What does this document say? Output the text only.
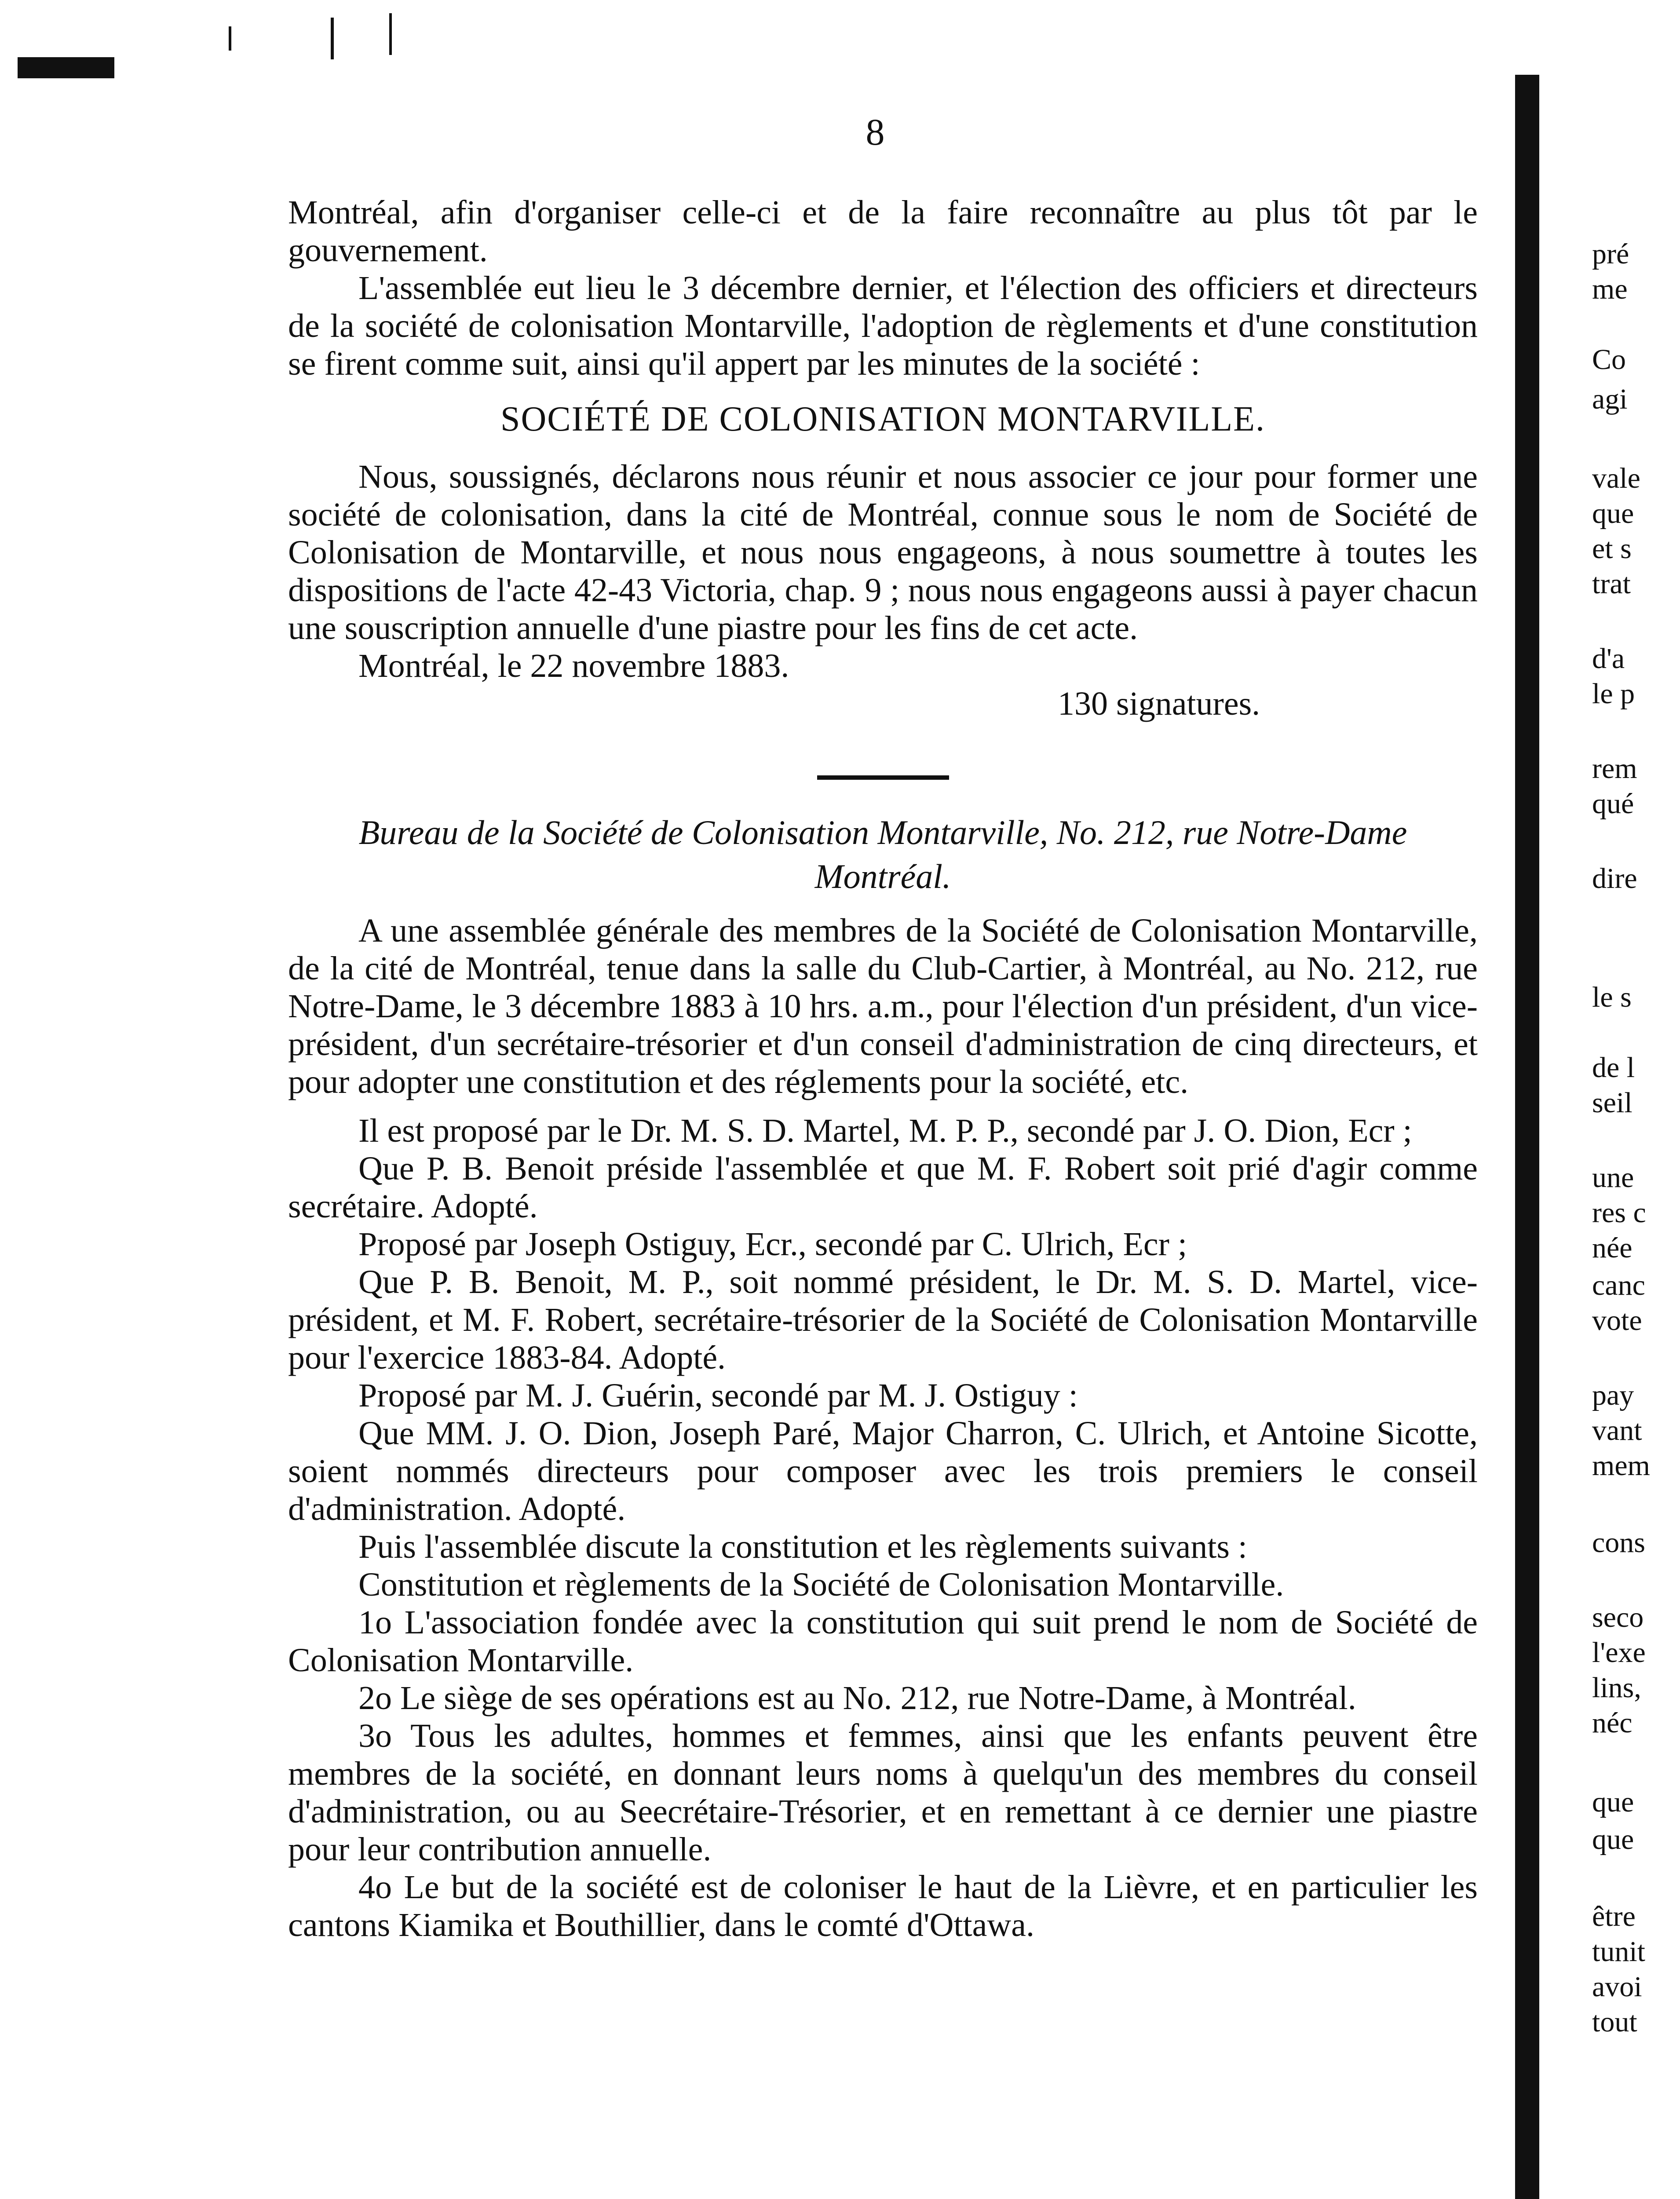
8

Montréal, afin d'organiser celle-ci et de la faire reconnaître au plus tôt par le gouvernement.

L'assemblée eut lieu le 3 décembre dernier, et l'élection des officiers et directeurs de la société de colonisation Montarville, l'adoption de règlements et d'une constitution se firent comme suit, ainsi qu'il appert par les minutes de la société :

SOCIÉTÉ DE COLONISATION MONTARVILLE.

Nous, soussignés, déclarons nous réunir et nous associer ce jour pour former une société de colonisation, dans la cité de Montréal, connue sous le nom de Société de Colonisation de Montarville, et nous nous engageons, à nous soumettre à toutes les dispositions de l'acte 42-43 Victoria, chap. 9 ; nous nous engageons aussi à payer chacun une souscription annuelle d'une piastre pour les fins de cet acte.

Montréal, le 22 novembre 1883.

130 signatures.

Bureau de la Société de Colonisation Montarville, No. 212, rue Notre-Dame
Montréal.

A une assemblée générale des membres de la Société de Colonisation Montarville, de la cité de Montréal, tenue dans la salle du Club-Cartier, à Montréal, au No. 212, rue Notre-Dame, le 3 décembre 1883 à 10 hrs. a.m., pour l'élection d'un président, d'un vice-président, d'un secrétaire-trésorier et d'un conseil d'administration de cinq directeurs, et pour adopter une constitution et des réglements pour la société, etc.

Il est proposé par le Dr. M. S. D. Martel, M. P. P., secondé par J. O. Dion, Ecr ;

Que P. B. Benoit préside l'assemblée et que M. F. Robert soit prié d'agir comme secrétaire. Adopté.

Proposé par Joseph Ostiguy, Ecr., secondé par C. Ulrich, Ecr ;

Que P. B. Benoit, M. P., soit nommé président, le Dr. M. S. D. Martel, vice-président, et M. F. Robert, secrétaire-trésorier de la Société de Colonisation Montarville pour l'exercice 1883-84. Adopté.

Proposé par M. J. Guérin, secondé par M. J. Ostiguy :

Que MM. J. O. Dion, Joseph Paré, Major Charron, C. Ulrich, et Antoine Sicotte, soient nommés directeurs pour composer avec les trois premiers le conseil d'administration. Adopté.

Puis l'assemblée discute la constitution et les règlements suivants :

Constitution et règlements de la Société de Colonisation Montarville.

1o L'association fondée avec la constitution qui suit prend le nom de Société de Colonisation Montarville.

2o Le siège de ses opérations est au No. 212, rue Notre-Dame, à Montréal.

3o Tous les adultes, hommes et femmes, ainsi que les enfants peuvent être membres de la société, en donnant leurs noms à quelqu'un des membres du conseil d'administration, ou au Seecrétaire-Trésorier, et en remettant à ce dernier une piastre pour leur contribution annuelle.

4o Le but de la société est de coloniser le haut de la Lièvre, et en particulier les cantons Kiamika et Bouthillier, dans le comté d'Ottawa.

pré
me
Co
agi
vale
que
et s
trat
d'a
le p
rem
qué
dire
le s
de l
seil
une
res c
née
canc
vote
pay
vant
mem
cons
seco
l'exe
lins,
néc
que
que
être
tunit
avoi
tout
